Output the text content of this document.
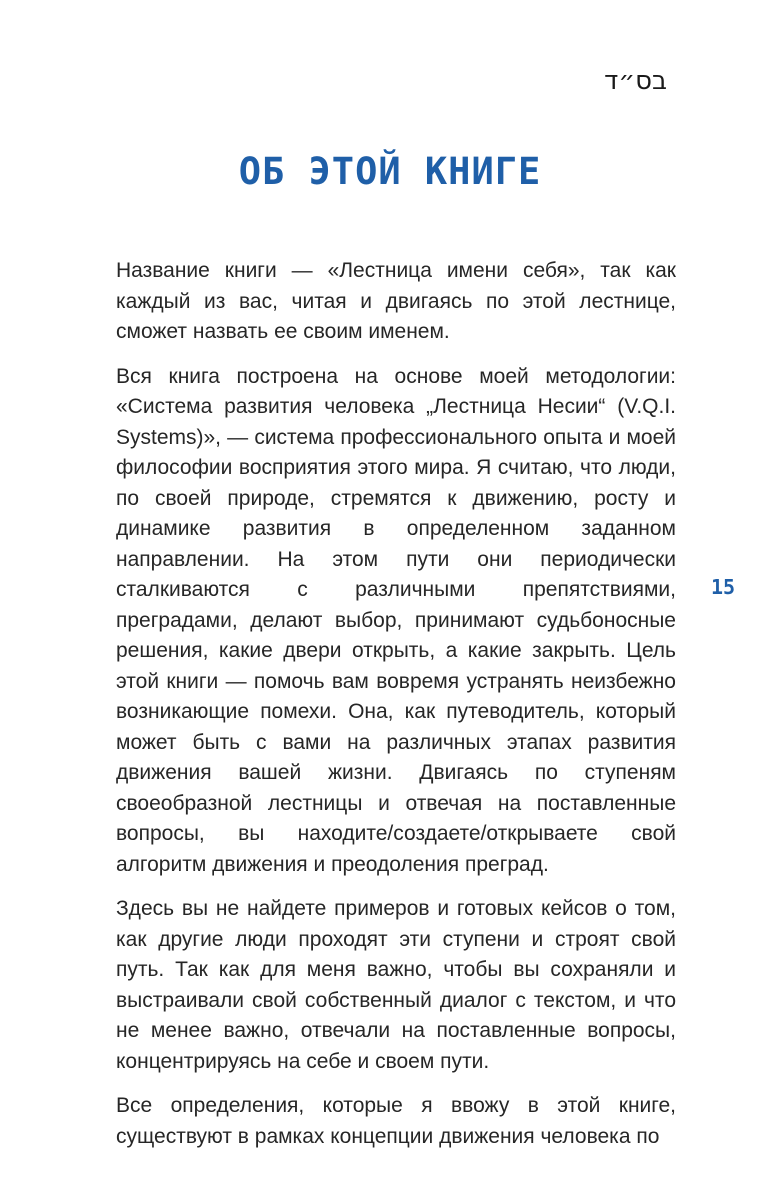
בס״ד
ОБ ЭТОЙ КНИГЕ
15

Название книги — «Лестница имени себя», так как каждый из вас, читая и двигаясь по этой лестнице, сможет назвать ее своим именем.

Вся книга построена на основе моей методологии: «Система развития человека „Лестница Несии“ (V.Q.I. Systems)», — система профессионального опыта и моей философии восприятия этого мира. Я считаю, что люди, по своей природе, стремятся к движению, росту и динамике развития в определенном заданном направлении. На этом пути они периодически сталкиваются с различными препятствиями, преградами, делают выбор, принимают судьбоносные решения, какие двери открыть, а какие закрыть. Цель этой книги — помочь вам вовремя устранять неизбежно возникающие помехи. Она, как путеводитель, который может быть с вами на различных этапах развития движения вашей жизни. Двигаясь по ступеням своеобразной лестницы и отвечая на поставленные вопросы, вы находите/создаете/открываете свой алгоритм движения и преодоления преград.

Здесь вы не найдете примеров и готовых кейсов о том, как другие люди проходят эти ступени и строят свой путь. Так как для меня важно, чтобы вы сохраняли и выстраивали свой собственный диалог с текстом, и что не менее важно, отвечали на поставленные вопросы, концентрируясь на себе и своем пути.

Все определения, которые я ввожу в этой книге, существуют в рамках концепции движения человека по
